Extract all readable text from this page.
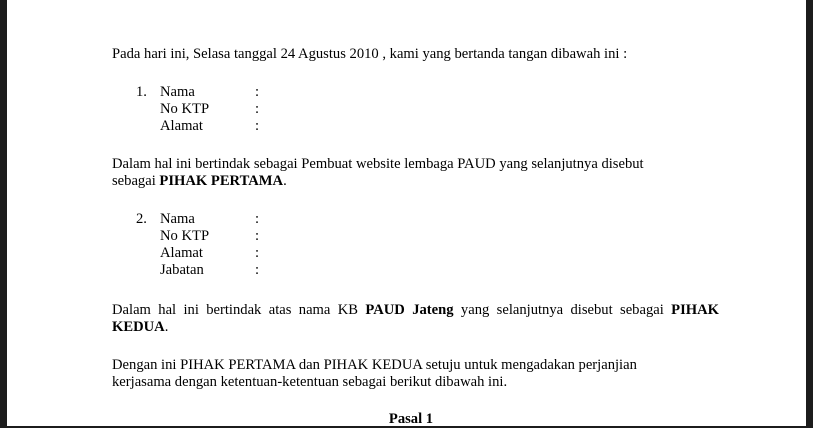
Pada hari ini, Selasa tanggal 24 Agustus 2010 , kami yang bertanda tangan dibawah ini :

1. Nama	:
No KTP	:
Alamat	:
Dalam hal ini bertindak sebagai Pembuat website lembaga PAUD yang selanjutnya disebut
sebagai PIHAK PERTAMA.
2. Nama	:
No KTP	:
Alamat	:
Jabatan	:

Dalam hal ini bertindak atas nama KB PAUD Jateng yang selanjutnya disebut sebagai PIHAK KEDUA.

Dengan ini PIHAK PERTAMA dan PIHAK KEDUA setuju untuk mengadakan perjanjian
kerjasama dengan ketentuan-ketentuan sebagai berikut dibawah ini.
Pasal 1
